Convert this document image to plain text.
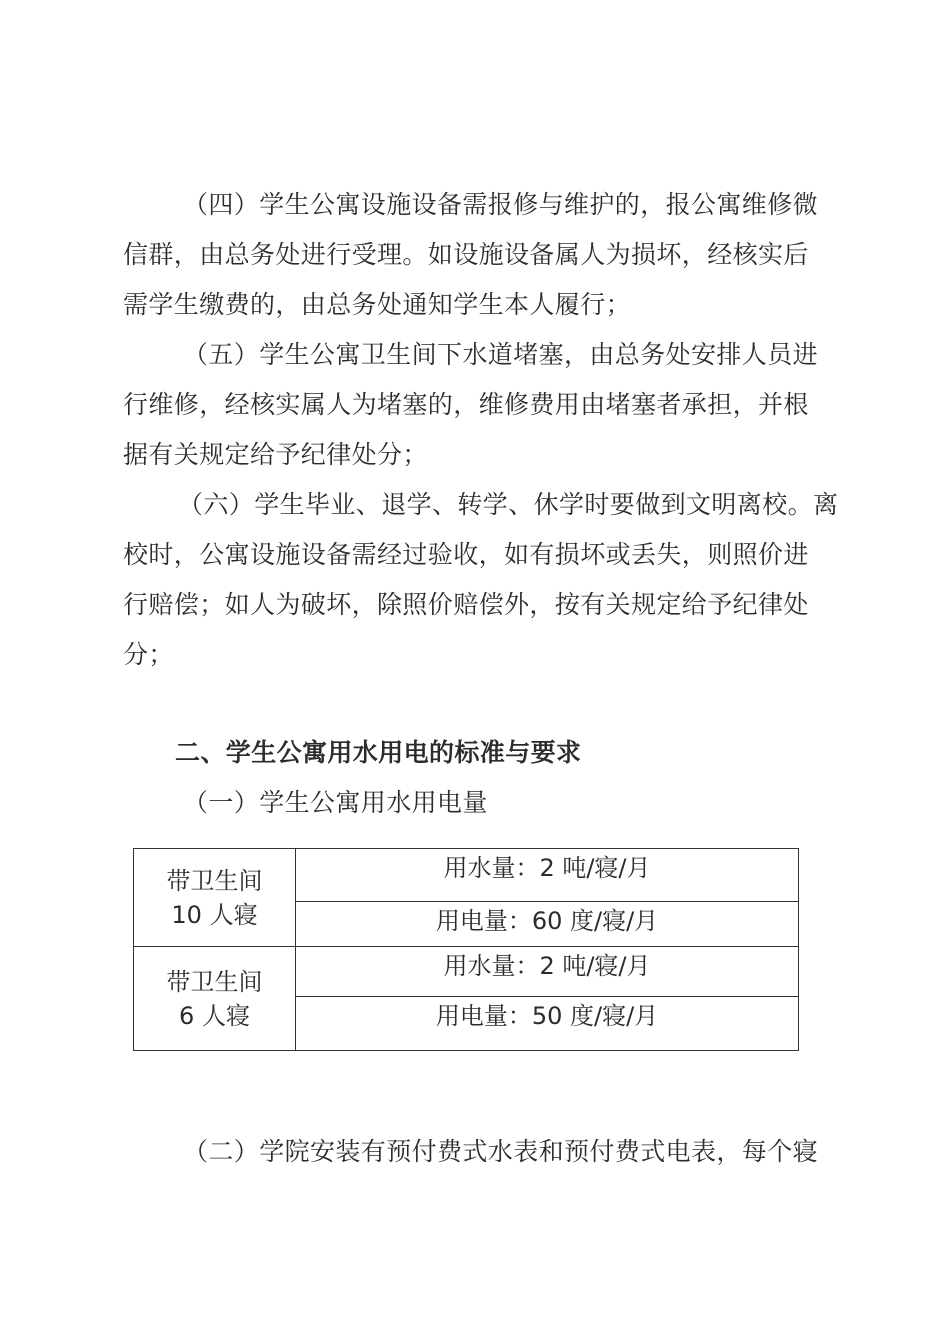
（四）学生公寓设施设备需报修与维护的，报公寓维修微
信群，由总务处进行受理。如设施设备属人为损坏，经核实后
需学生缴费的，由总务处通知学生本人履行；
（五）学生公寓卫生间下水道堵塞，由总务处安排人员进
行维修，经核实属人为堵塞的，维修费用由堵塞者承担，并根
据有关规定给予纪律处分；
（六）学生毕业、退学、转学、休学时要做到文明离校。离
校时，公寓设施设备需经过验收，如有损坏或丢失，则照价进
行赔偿；如人为破坏，除照价赔偿外，按有关规定给予纪律处
分；
二、学生公寓用水用电的标准与要求

（一）学生公寓用水用电量

带卫生间
10 人寝	用水量：2 吨/寝/月
	用电量：60 度/寝/月

带卫生间
6 人寝	用水量：2 吨/寝/月
	用电量：50 度/寝/月

（二）学院安装有预付费式水表和预付费式电表，每个寝
